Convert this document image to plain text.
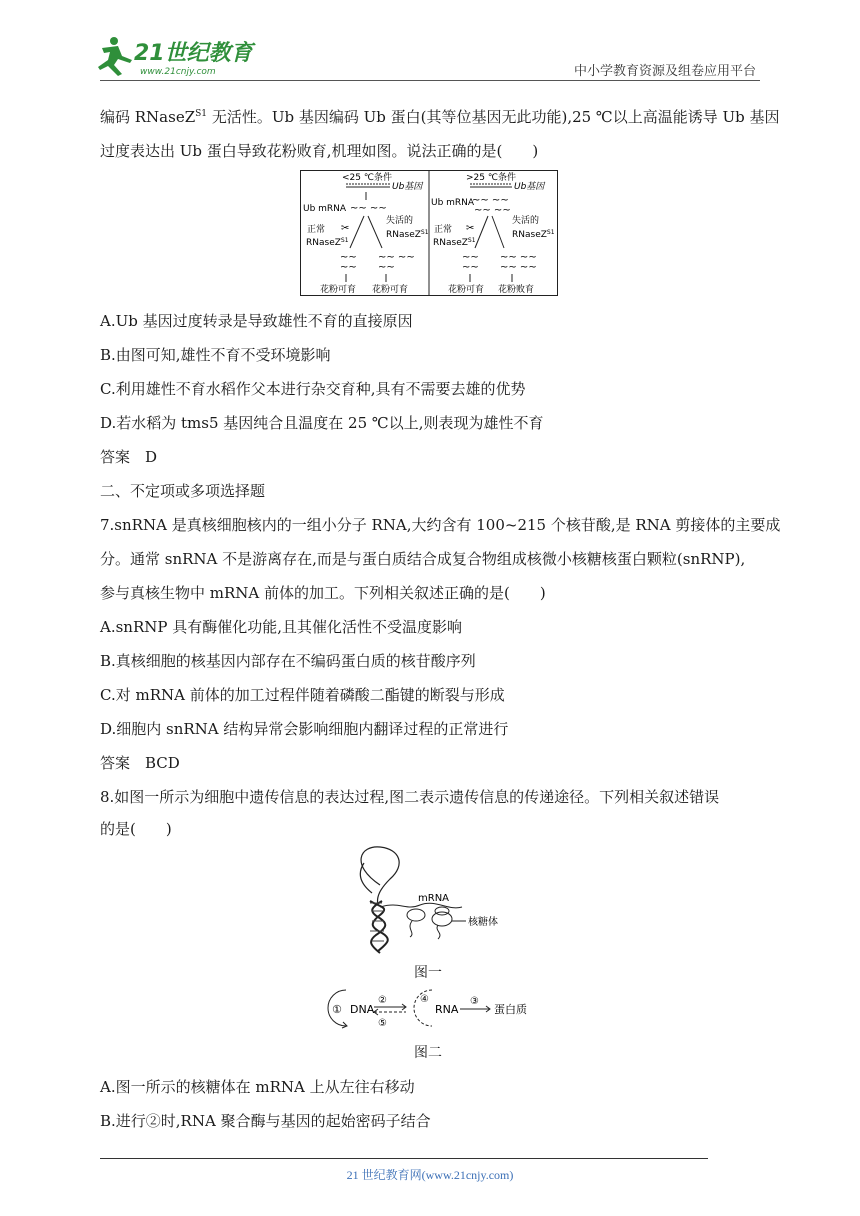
21世纪教育
www.21cnjy.com	中小学教育资源及组卷应用平台
编码 RNaseZ$^{S1}$ 无活性。Ub 基因编码 Ub 蛋白(其等位基因无此功能),25 ℃以上高温能诱导 Ub 基因
过度表达出 Ub 蛋白导致花粉败育,机理如图。说法正确的是(　　)
<25 ℃条件
Ub基因
Ub mRNA ~~ ~~
正常
RNaseZ$^{S1}$
失活的
RNaseZ$^{S1}$
✂
~~ ~~ ~~
~~ ~~
花粉可育 花粉可育
>25 ℃条件
Ub基因
Ub mRNA
~~ ~~
~~ ~~
正常
RNaseZ$^{S1}$
失活的
RNaseZ$^{S1}$
✂
~~ ~~ ~~
~~ ~~ ~~
花粉可育 花粉败育
A.Ub 基因过度转录是导致雄性不育的直接原因
B.由图可知,雄性不育不受环境影响
C.利用雄性不育水稻作父本进行杂交育种,具有不需要去雄的优势
D.若水稻为 tms5 基因纯合且温度在 25 ℃以上,则表现为雄性不育
答案　D
二、不定项或多项选择题
7.snRNA 是真核细胞核内的一组小分子 RNA,大约含有 100~215 个核苷酸,是 RNA 剪接体的主要成
分。通常 snRNA 不是游离存在,而是与蛋白质结合成复合物组成核微小核糖核蛋白颗粒(snRNP),
参与真核生物中 mRNA 前体的加工。下列相关叙述正确的是(　　)
A.snRNP 具有酶催化功能,且其催化活性不受温度影响
B.真核细胞的核基因内部存在不编码蛋白质的核苷酸序列
C.对 mRNA 前体的加工过程伴随着磷酸二酯键的断裂与形成
D.细胞内 snRNA 结构异常会影响细胞内翻译过程的正常进行
答案　BCD
8.如图一所示为细胞中遗传信息的表达过程,图二表示遗传信息的传递途径。下列相关叙述错误
的是(　　)
A.图一所示的核糖体在 mRNA 上从左往右移动
B.进行②时,RNA 聚合酶与基因的起始密码子结合
mRNA
核糖体
图一
① DNA
②
⑤
④
RNA
③
蛋白质
图二
21 世纪教育网(www.21cnjy.com)
